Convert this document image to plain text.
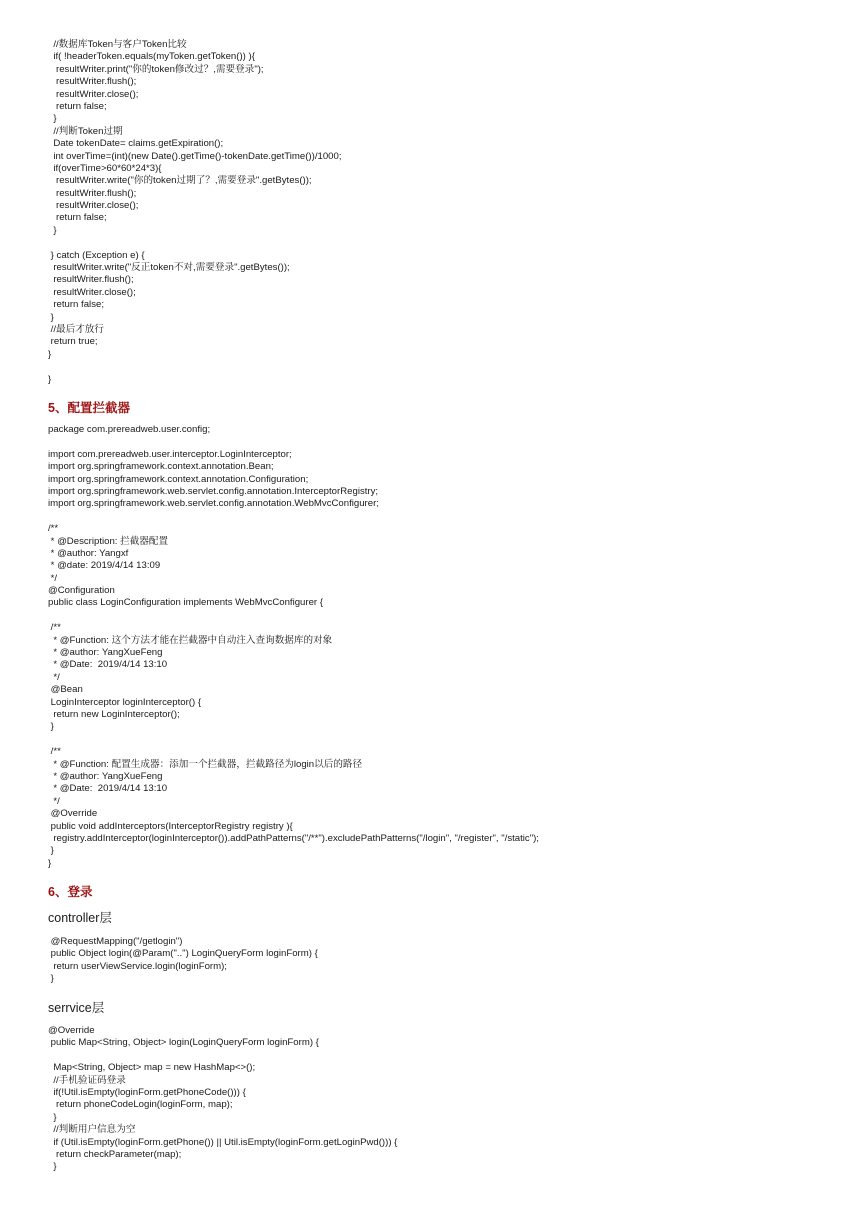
//数据库Token与客户Token比较
if( !headerToken.equals(myToken.getToken()) ){
resultWriter.print("你的token修改过？,需要登录");
resultWriter.flush();
resultWriter.close();
return false;
}
//判断Token过期
Date tokenDate= claims.getExpiration();
int overTime=(int)(new Date().getTime()-tokenDate.getTime())/1000;
if(overTime>60*60*24*3){
resultWriter.write("你的token过期了？,需要登录".getBytes());
resultWriter.flush();
resultWriter.close();
return false;
}
} catch (Exception e) {
resultWriter.write("反正token不对,需要登录".getBytes());
resultWriter.flush();
resultWriter.close();
return false;
}
//最后才放行
return true;
}
}
5、配置拦截器
package com.prereadweb.user.config;
import com.prereadweb.user.interceptor.LoginInterceptor;
import org.springframework.context.annotation.Bean;
import org.springframework.context.annotation.Configuration;
import org.springframework.web.servlet.config.annotation.InterceptorRegistry;
import org.springframework.web.servlet.config.annotation.WebMvcConfigurer;
/**
* @Description: 拦截器配置
* @author: Yangxf
* @date: 2019/4/14 13:09
*/
@Configuration
public class LoginConfiguration implements WebMvcConfigurer {
/**
* @Function: 这个方法才能在拦截器中自动注入查询数据库的对象
* @author: YangXueFeng
* @Date:  2019/4/14 13:10
*/
@Bean
LoginInterceptor loginInterceptor() {
return new LoginInterceptor();
}
/**
* @Function: 配置生成器：添加一个拦截器，拦截路径为login以后的路径
* @author: YangXueFeng
* @Date:  2019/4/14 13:10
*/
@Override
public void addInterceptors(InterceptorRegistry registry ){
registry.addInterceptor(loginInterceptor()).addPathPatterns("/**").excludePathPatterns("/login", "/register", "/static");
}
}
6、登录
controller层
@RequestMapping("/getlogin")
public Object login(@Param("..") LoginQueryForm loginForm) {
return userViewService.login(loginForm);
}
serrvice层
@Override
public Map<String, Object> login(LoginQueryForm loginForm) {
Map<String, Object> map = new HashMap<>();
//手机验证码登录
if(!Util.isEmpty(loginForm.getPhoneCode())) {
return phoneCodeLogin(loginForm, map);
}
//判断用户信息为空
if (Util.isEmpty(loginForm.getPhone()) || Util.isEmpty(loginForm.getLoginPwd())) {
return checkParameter(map);
}
